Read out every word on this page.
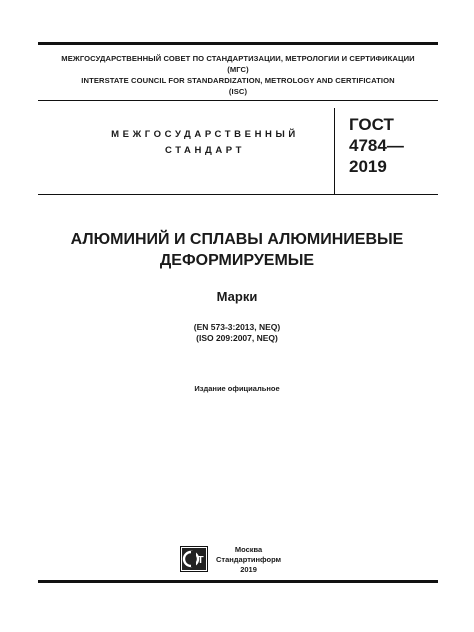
МЕЖГОСУДАРСТВЕННЫЙ СОВЕТ ПО СТАНДАРТИЗАЦИИ, МЕТРОЛОГИИ И СЕРТИФИКАЦИИ
(МГС)
INTERSTATE COUNCIL FOR STANDARDIZATION, METROLOGY AND CERTIFICATION
(ISC)
МЕЖГОСУДАРСТВЕННЫЙ
СТАНДАРТ
ГОСТ
4784—
2019
АЛЮМИНИЙ И СПЛАВЫ АЛЮМИНИЕВЫЕ
ДЕФОРМИРУЕМЫЕ
Марки
(EN 573-3:2013, NEQ)
(ISO 209:2007, NEQ)
Издание официальное
Т
Москва
Стандартинформ
2019
